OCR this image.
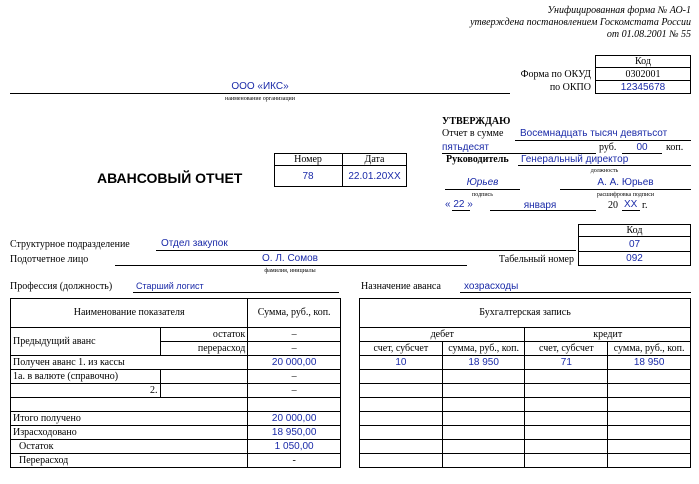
Унифицированная форма № АО-1
утверждена постановлением Госкомстата России
от 01.08.2001 № 55
Код
Форма по ОКУД	0302001
по ОКПО	12345678
ООО «ИКС»
наименование организации
УТВЕРЖДАЮ
Отчет в сумме Восемнадцать тысяч девятьсот
пятьдесят	руб.	00	коп.
Руководитель Генеральный директор
должность
Юрьев
подпись
А. А. Юрьев
расшифровка подписи
« 22 »	января	20 ХХ г.
АВАНСОВЫЙ ОТЧЕТ
Номер	Дата
78	22.01.20ХХ
Код
07
092
Структурное подразделение	Отдел закупок
Подотчетное лицо	О. Л. Сомов
фамилия, инициалы
Табельный номер
Профессия (должность)	Старший логист	Назначение аванса хозрасходы
Наименование показателя		Сумма, руб., коп.
Предыдущий аванс	остаток	–
	перерасход	–
Получен аванс 1. из кассы		20 000,00
1а. в валюте (справочно)		–
2.		–

Итого получено		20 000,00
Израсходовано		18 950,00
Остаток		1 050,00
Перерасход		-
Бухгалтерская запись			
дебет		кредит	
счет, субсчет	сумма, руб., коп.	счет, субсчет	сумма, руб., коп.
10	18 950	71	18 950
